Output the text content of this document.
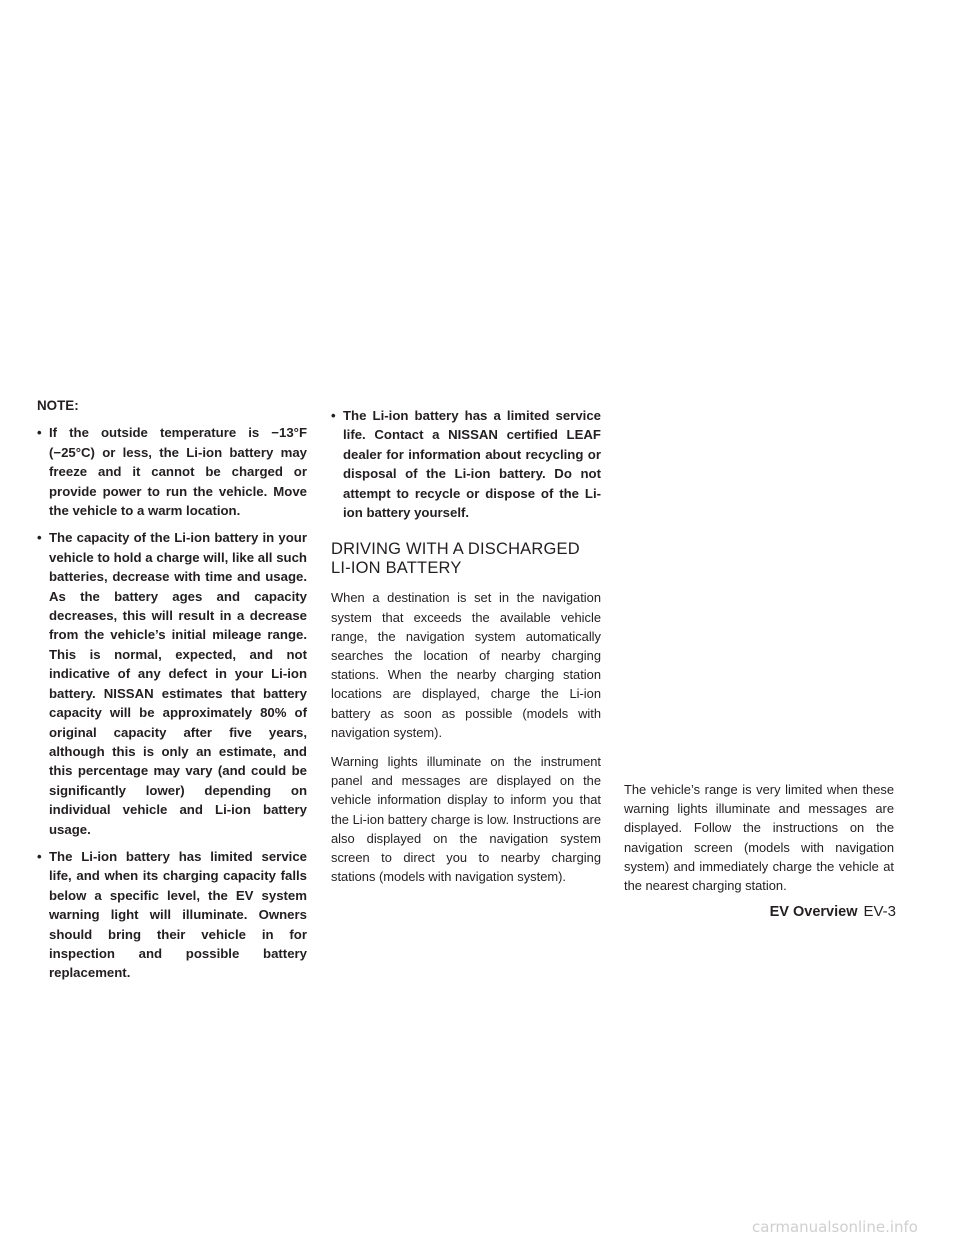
NOTE:
• If the outside temperature is −13°F (−25°C) or less, the Li-ion battery may freeze and it cannot be charged or provide power to run the vehicle. Move the vehicle to a warm location.
• The capacity of the Li-ion battery in your vehicle to hold a charge will, like all such batteries, decrease with time and usage. As the battery ages and capacity decreases, this will result in a decrease from the vehicle’s initial mileage range. This is normal, expected, and not indicative of any defect in your Li-ion battery. NISSAN estimates that battery capacity will be approximately 80% of original capacity after five years, although this is only an estimate, and this percentage may vary (and could be significantly lower) depending on individual vehicle and Li-ion battery usage.
• The Li-ion battery has limited service life, and when its charging capacity falls below a specific level, the EV system warning light will illuminate. Owners should bring their vehicle in for inspection and possible battery replacement.
• The Li-ion battery has a limited service life. Contact a NISSAN certified LEAF dealer for information about recycling or disposal of the Li-ion battery. Do not attempt to recycle or dispose of the Li-ion battery yourself.
DRIVING WITH A DISCHARGED
LI-ION BATTERY

When a destination is set in the navigation system that exceeds the available vehicle range, the navigation system automatically searches the location of nearby charging stations. When the nearby charging station locations are displayed, charge the Li-ion battery as soon as possible (models with navigation system).

Warning lights illuminate on the instrument panel and messages are displayed on the vehicle information display to inform you that the Li-ion battery charge is low. Instructions are also displayed on the navigation system screen to direct you to nearby charging stations (models with navigation system).

The vehicle’s range is very limited when these warning lights illuminate and messages are displayed. Follow the instructions on the navigation screen (models with navigation system) and immediately charge the vehicle at the nearest charging station.

EV Overview EV-3
carmanualsonline.info
